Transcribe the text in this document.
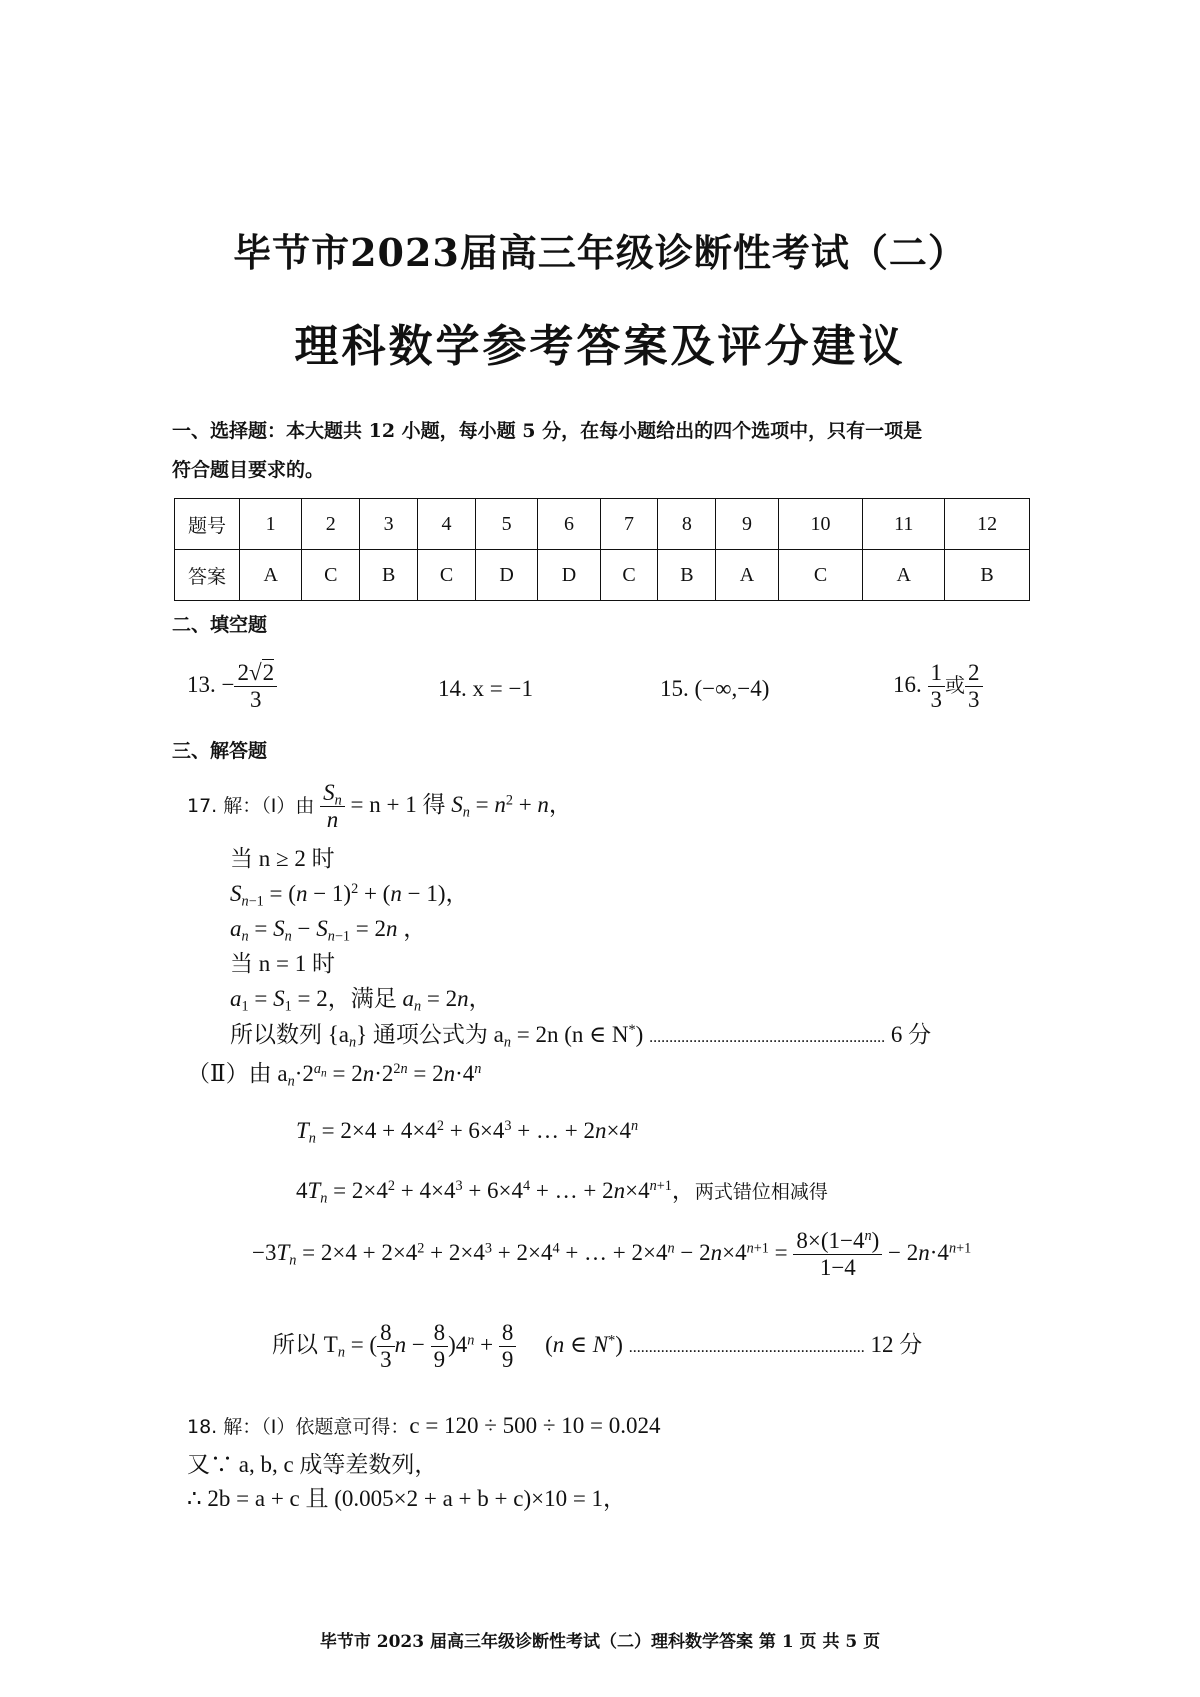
毕节市2023届高三年级诊断性考试（二）
理科数学参考答案及评分建议
一、选择题：本大题共 12 小题，每小题 5 分，在每小题给出的四个选项中，只有一项是
符合题目要求的。
题号	1	2	3	4	5	6	7	8	9	10	11	12
答案	A	C	B	C	D	D	C	B	A	C	A	B
二、填空题
13. − $\frac{2√2}{3}$	14. x = −1	15. (−∞,−4)	16. $\frac{1}{3}$ 或 $\frac{2}{3}$
三、解答题
17. 解：（Ⅰ）由 $\frac{S_n}{n} = n + 1$ 得 $S_n = n^2 + n$，
当 n ≥ 2 时
$S_{n-1} = (n - 1)^2 + (n - 1)$，
$a_n = S_n - S_{n-1} = 2n$ ，
当 n = 1 时
$a_1 = S_1 = 2$，满足 $a_n = 2n$，
所以数列 $\{a_n\}$ 通项公式为 $a_n = 2n$ (n ∈ N*) ........................................................... 6 分
（Ⅱ）由 $a_n\cdot 2^{a_n} = 2n\cdot 2^{2n} = 2n\cdot 4^n$
$T_n = 2\times 4 + 4\times 4^2 + 6\times 4^3$ + … + $2n\times 4^n$
$4T_n = 2\times 4^2 + 4\times 4^3 + 6\times 4^4$ + … + $2n\times 4^{n+1}$，两式错位相减得
$-3T_n = 2\times 4 + 2\times 4^2 + 2\times 4^3 + 2\times 4^4$ + … + $2\times 4^n - 2n\times 4^{n+1} = \frac{8\times(1-4^n)}{1-4} - 2n\cdot 4^{n+1}$
所以 $T_n$ = ( $\frac{8}{3}$ $n - \frac{8}{9} )4^n + \frac{8}{9} (n$ ∈ N*) ........................................................... 12 分
18. 解：（Ⅰ）依题意可得：c = 120 ÷ 500 ÷ 10 = 0.024
又∵ a, b, c 成等差数列，
∴ 2b = a + c 且 (0.005×2 + a + b + c)×10 = 1，
毕节市 2023 届高三年级诊断性考试（二）理科数学答案 第 1 页 共 5 页
